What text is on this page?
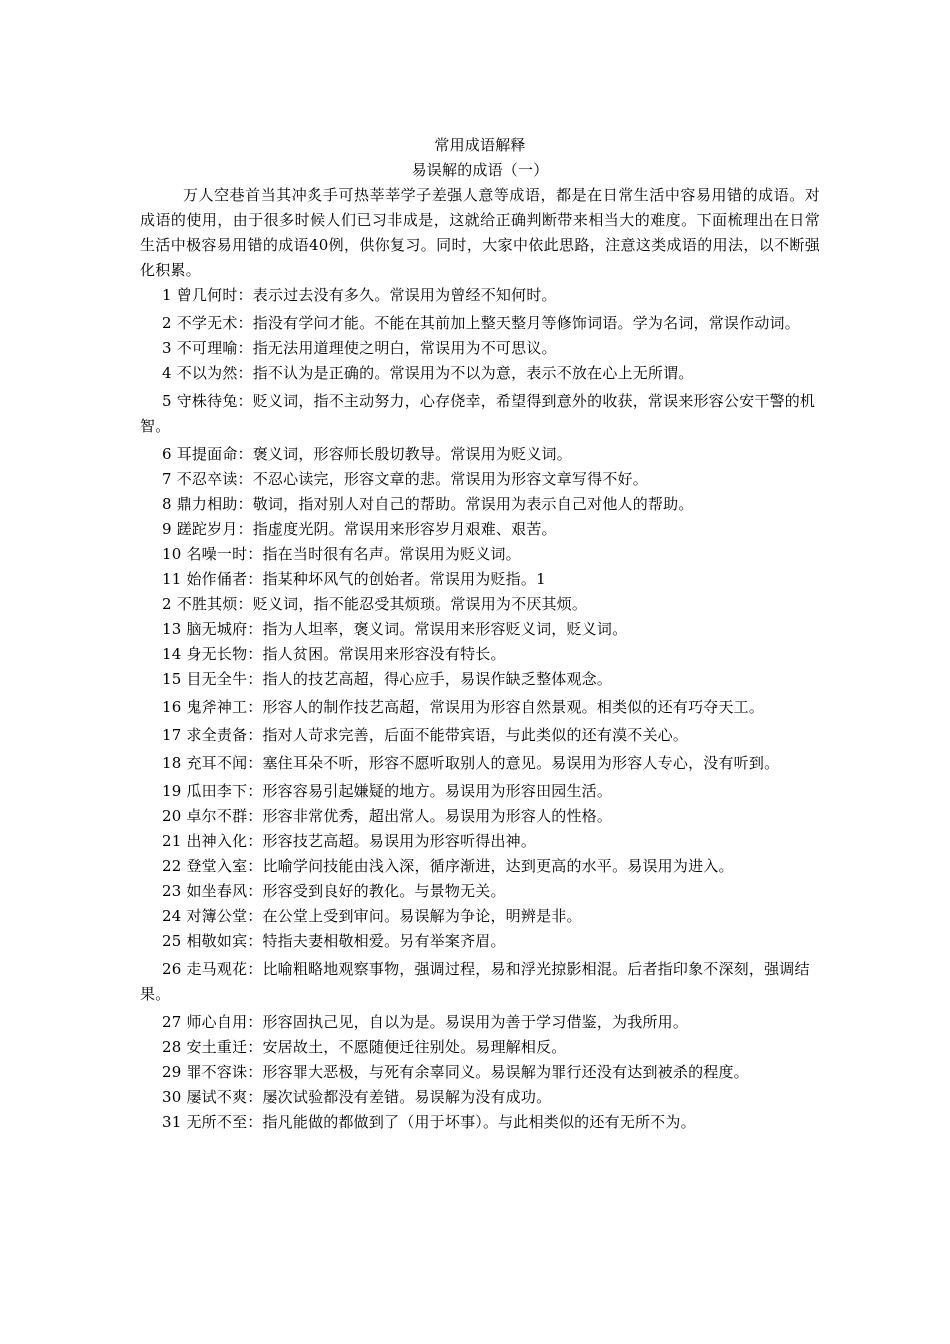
常用成语解释

易误解的成语（一）

万人空巷首当其冲炙手可热莘莘学子差强人意等成语，都是在日常生活中容易用错的成语。对成语的使用，由于很多时候人们已习非成是，这就给正确判断带来相当大的难度。下面梳理出在日常生活中极容易用错的成语40例，供你复习。同时，大家中依此思路，注意这类成语的用法，以不断强化积累。

1 曾几何时：表示过去没有多久。常误用为曾经不知何时。

2 不学无术：指没有学问才能。不能在其前加上整天整月等修饰词语。学为名词，常误作动词。

3 不可理喻：指无法用道理使之明白，常误用为不可思议。

4 不以为然：指不认为是正确的。常误用为不以为意，表示不放在心上无所谓。

5 守株待兔：贬义词，指不主动努力，心存侥幸，希望得到意外的收获，常误来形容公安干警的机智。

6 耳提面命：褒义词，形容师长殷切教导。常误用为贬义词。

7 不忍卒读：不忍心读完，形容文章的悲。常误用为形容文章写得不好。

8 鼎力相助：敬词，指对别人对自己的帮助。常误用为表示自己对他人的帮助。

9 蹉跎岁月：指虚度光阴。常误用来形容岁月艰难、艰苦。

10 名噪一时：指在当时很有名声。常误用为贬义词。

11 始作俑者：指某种坏风气的创始者。常误用为贬指。1

2 不胜其烦：贬义词，指不能忍受其烦琐。常误用为不厌其烦。

13 脑无城府：指为人坦率，褒义词。常误用来形容贬义词，贬义词。

14 身无长物：指人贫困。常误用来形容没有特长。

15 目无全牛：指人的技艺高超，得心应手，易误作缺乏整体观念。

16 鬼斧神工：形容人的制作技艺高超，常误用为形容自然景观。相类似的还有巧夺天工。

17 求全责备：指对人苛求完善，后面不能带宾语，与此类似的还有漠不关心。

18 充耳不闻：塞住耳朵不听，形容不愿听取别人的意见。易误用为形容人专心，没有听到。

19 瓜田李下：形容容易引起嫌疑的地方。易误用为形容田园生活。

20 卓尔不群：形容非常优秀，超出常人。易误用为形容人的性格。

21 出神入化：形容技艺高超。易误用为形容听得出神。

22 登堂入室：比喻学问技能由浅入深，循序渐进，达到更高的水平。易误用为进入。

23 如坐春风：形容受到良好的教化。与景物无关。

24 对簿公堂：在公堂上受到审问。易误解为争论，明辨是非。

25 相敬如宾：特指夫妻相敬相爱。另有举案齐眉。

26 走马观花：比喻粗略地观察事物，强调过程，易和浮光掠影相混。后者指印象不深刻，强调结果。

27 师心自用：形容固执己见，自以为是。易误用为善于学习借鉴，为我所用。

28 安土重迁：安居故土，不愿随便迁往别处。易理解相反。

29 罪不容诛：形容罪大恶极，与死有余辜同义。易误解为罪行还没有达到被杀的程度。

30 屡试不爽：屡次试验都没有差错。易误解为没有成功。

31 无所不至：指凡能做的都做到了（用于坏事）。与此相类似的还有无所不为。
